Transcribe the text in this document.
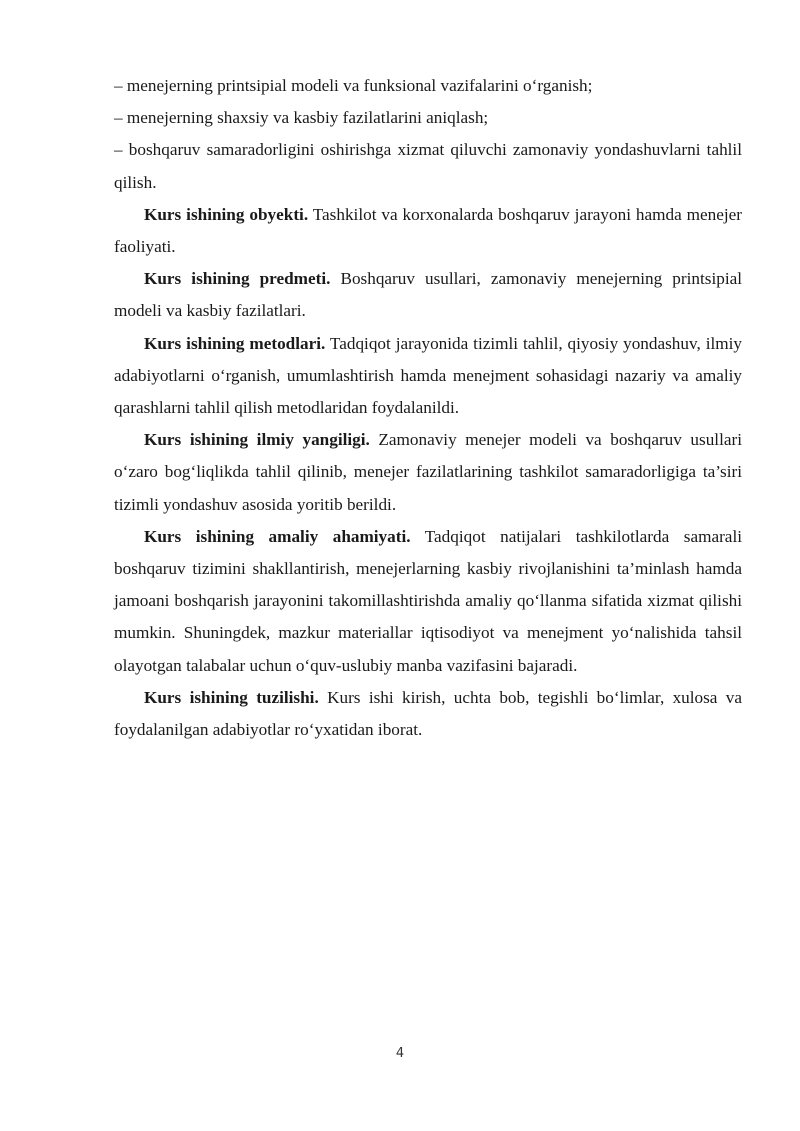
– menejerning printsipial modeli va funksional vazifalarini o‘rganish;

– menejerning shaxsiy va kasbiy fazilatlarini aniqlash;

– boshqaruv samaradorligini oshirishga xizmat qiluvchi zamonaviy yondashuvlarni tahlil qilish.

Kurs ishining obyekti. Tashkilot va korxonalarda boshqaruv jarayoni hamda menejer faoliyati.

Kurs ishining predmeti. Boshqaruv usullari, zamonaviy menejerning printsipial modeli va kasbiy fazilatlari.

Kurs ishining metodlari. Tadqiqot jarayonida tizimli tahlil, qiyosiy yondashuv, ilmiy adabiyotlarni o‘rganish, umumlashtirish hamda menejment sohasidagi nazariy va amaliy qarashlarni tahlil qilish metodlaridan foydalanildi.

Kurs ishining ilmiy yangiligi. Zamonaviy menejer modeli va boshqaruv usullari o‘zaro bog‘liqlikda tahlil qilinib, menejer fazilatlarining tashkilot samaradorligiga ta’siri tizimli yondashuv asosida yoritib berildi.

Kurs ishining amaliy ahamiyati. Tadqiqot natijalari tashkilotlarda samarali boshqaruv tizimini shakllantirish, menejerlarning kasbiy rivojlanishini ta’minlash hamda jamoani boshqarish jarayonini takomillashtirishda amaliy qo‘llanma sifatida xizmat qilishi mumkin. Shuningdek, mazkur materiallar iqtisodiyot va menejment yo‘nalishida tahsil olayotgan talabalar uchun o‘quv-uslubiy manba vazifasini bajaradi.

Kurs ishining tuzilishi. Kurs ishi kirish, uchta bob, tegishli bo‘limlar, xulosa va foydalanilgan adabiyotlar ro‘yxatidan iborat.

4
